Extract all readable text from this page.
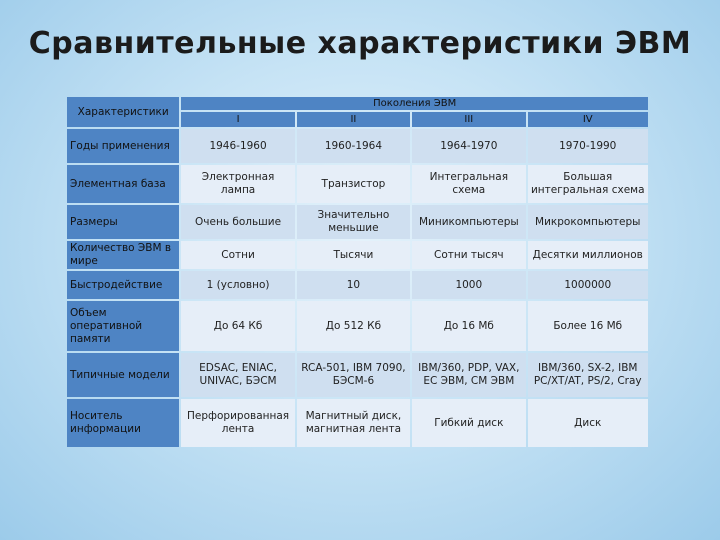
Сравнительные характеристики ЭВМ
Характеристики	Поколения ЭВМ			
	I	II	III	IV
Годы применения	1946-1960	1960-1964	1964-1970	1970-1990
Элементная база	Электронная лампа	Транзистор	Интегральная схема	Большая интегральная схема
Размеры	Очень большие	Значительно меньшие	Миникомпьютеры	Микрокомпьютеры
Количество ЭВМ в мире	Сотни	Тысячи	Сотни тысяч	Десятки миллионов
Быстродействие	1 (условно)	10	1000	1000000
Объем оперативной памяти	До 64 Кб	До 512 Кб	До 16 Мб	Более 16 Мб
Типичные модели	EDSAC, ENIAC, UNIVAC, БЭСМ	RCA-501, IBM 7090, БЭСМ-6	IBM/360, PDP, VAX, ЕС ЭВМ, СМ ЭВМ	IBM/360, SX-2, IBM PC/XT/AT, PS/2, Cray
Носитель информации	Перфорированная лента	Магнитный диск, магнитная лента	Гибкий диск	Диск
